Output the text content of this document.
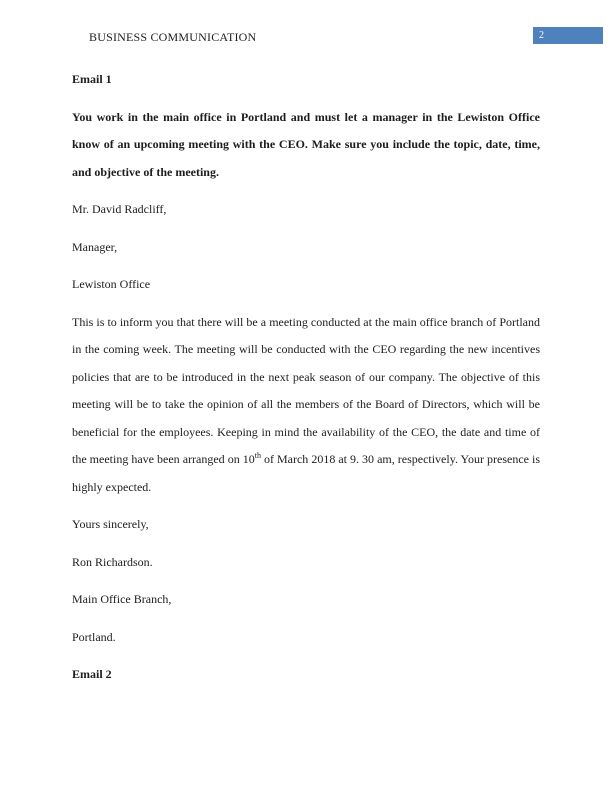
BUSINESS COMMUNICATION	2

Email 1

You work in the main office in Portland and must let a manager in the Lewiston Office know of an upcoming meeting with the CEO. Make sure you include the topic, date, time, and objective of the meeting.

Mr. David Radcliff,

Manager,

Lewiston Office

This is to inform you that there will be a meeting conducted at the main office branch of Portland in the coming week. The meeting will be conducted with the CEO regarding the new incentives policies that are to be introduced in the next peak season of our company. The objective of this meeting will be to take the opinion of all the members of the Board of Directors, which will be beneficial for the employees. Keeping in mind the availability of the CEO, the date and time of the meeting have been arranged on 10th of March 2018 at 9. 30 am, respectively. Your presence is highly expected.

Yours sincerely,

Ron Richardson.

Main Office Branch,

Portland.

Email 2
